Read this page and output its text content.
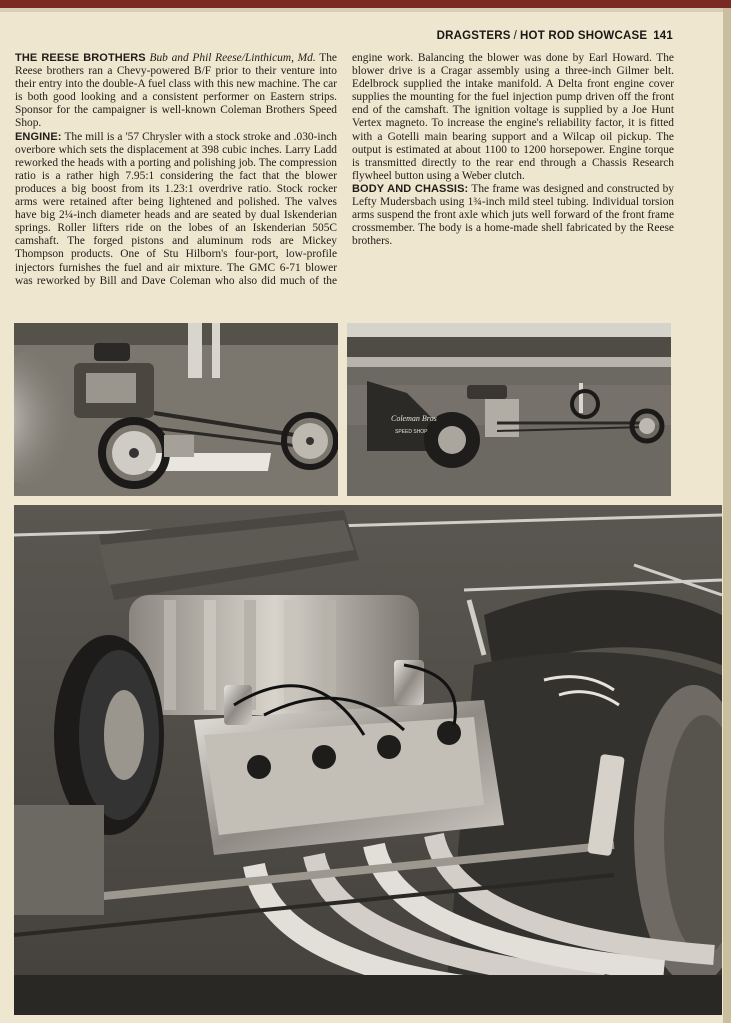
DRAGSTERS / HOT ROD SHOWCASE 141

THE REESE BROTHERS Bub and Phil Reese/Linthicum, Md. The Reese brothers ran a Chevy-powered B/F prior to their venture into their entry into the double-A fuel class with this new machine. The car is both good looking and a consistent performer on Eastern strips. Sponsor for the campaigner is well-known Coleman Brothers Speed Shop.

ENGINE: The mill is a '57 Chrysler with a stock stroke and .030-inch overbore which sets the displacement at 398 cubic inches. Larry Ladd reworked the heads with a porting and polishing job. The compression ratio is a rather high 7.95:1 considering the fact that the blower produces a big boost from its 1.23:1 overdrive ratio. Stock rocker arms were retained after being lightened and polished. The valves have big 2¼-inch diameter heads and are seated by dual Iskenderian springs. Roller lifters ride on the lobes of an Iskenderian 505C camshaft. The forged pistons and aluminum rods are Mickey Thompson products. One of Stu Hilborn's four-port, low-profile injectors furnishes the fuel and air mixture. The GMC 6-71 blower was reworked by Bill and Dave Coleman who also did much of the engine work. Balancing the blower was done by Earl Howard. The blower drive is a Cragar assembly using a three-inch Gilmer belt. Edelbrock supplied the intake manifold. A Delta front engine cover supplies the mounting for the fuel injection pump driven off the front end of the camshaft. The ignition voltage is supplied by a Joe Hunt Vertex magneto. To increase the engine's reliability factor, it is fitted with a Gotelli main bearing support and a Wilcap oil pickup. The output is estimated at about 1100 to 1200 horsepower. Engine torque is transmitted directly to the rear end through a Chassis Research flywheel button using a Weber clutch.

BODY AND CHASSIS: The frame was designed and constructed by Lefty Mudersbach using 1¾-inch mild steel tubing. Individual torsion arms suspend the front axle which juts well forward of the front frame crossmember. The body is a home-made shell fabricated by the Reese brothers.

Coleman Bros
SPEED SHOP
